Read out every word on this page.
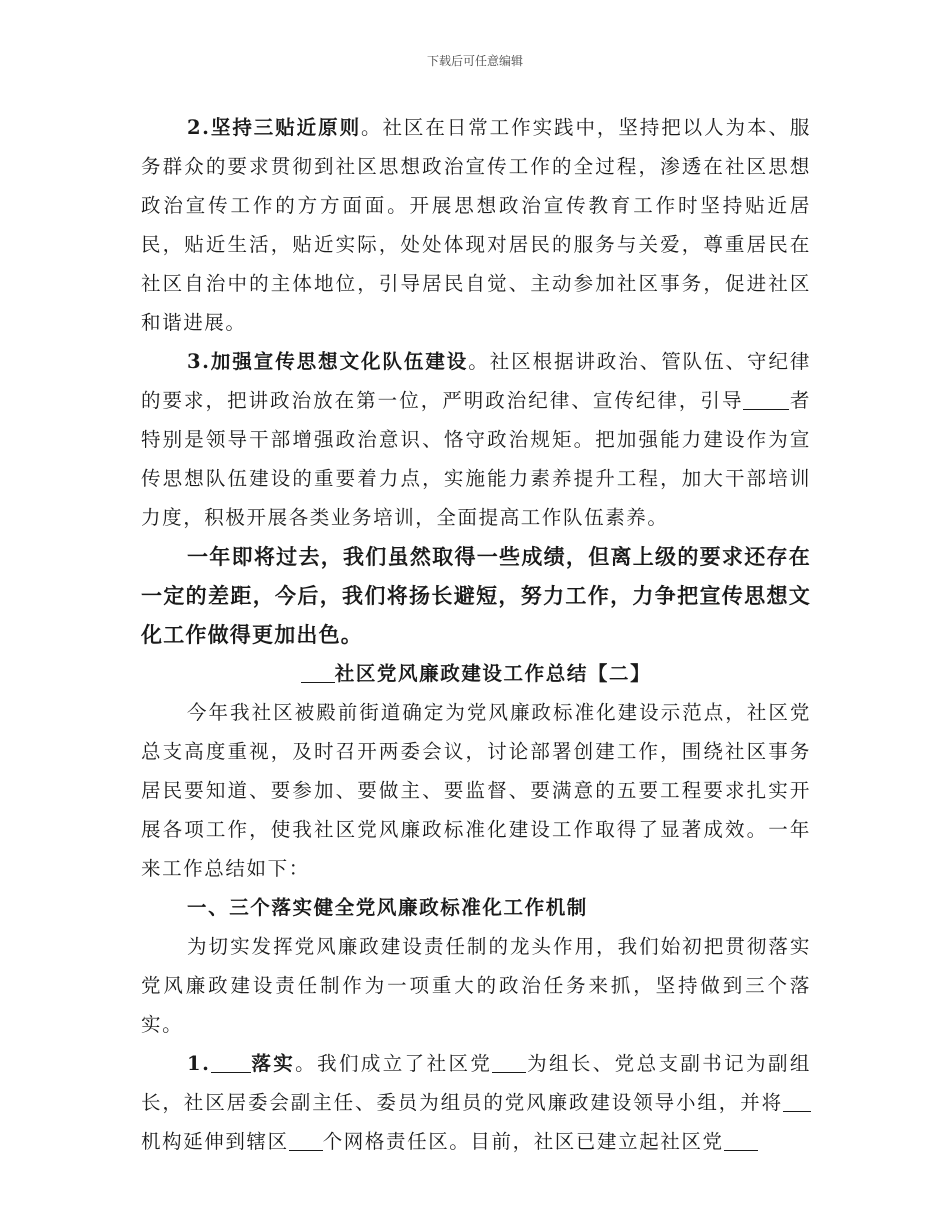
下载后可任意编辑

2.坚持三贴近原则。社区在日常工作实践中，坚持把以人为本、服务群众的要求贯彻到社区思想政治宣传工作的全过程，渗透在社区思想政治宣传工作的方方面面。开展思想政治宣传教育工作时坚持贴近居民，贴近生活，贴近实际，处处体现对居民的服务与关爱，尊重居民在社区自治中的主体地位，引导居民自觉、主动参加社区事务，促进社区和谐进展。

3.加强宣传思想文化队伍建设。社区根据讲政治、管队伍、守纪律的要求，把讲政治放在第一位，严明政治纪律、宣传纪律，引导 者特别是领导干部增强政治意识、恪守政治规矩。把加强能力建设作为宣传思想队伍建设的重要着力点，实施能力素养提升工程，加大干部培训力度，积极开展各类业务培训，全面提高工作队伍素养。

一年即将过去，我们虽然取得一些成绩，但离上级的要求还存在一定的差距，今后，我们将扬长避短，努力工作，力争把宣传思想文化工作做得更加出色。

社区党风廉政建设工作总结【二】

今年我社区被殿前街道确定为党风廉政标准化建设示范点，社区党总支高度重视，及时召开两委会议，讨论部署创建工作，围绕社区事务居民要知道、要参加、要做主、要监督、要满意的五要工程要求扎实开展各项工作，使我社区党风廉政标准化建设工作取得了显著成效。一年来工作总结如下：

一、三个落实健全党风廉政标准化工作机制

为切实发挥党风廉政建设责任制的龙头作用，我们始初把贯彻落实党风廉政建设责任制作为一项重大的政治任务来抓，坚持做到三个落实。

1. 落实。我们成立了社区党 为组长、党总支副书记为副组长，社区居委会副主任、委员为组员的党风廉政建设领导小组，并将机构延伸到辖区 个网格责任区。目前，社区已建立起社区党
